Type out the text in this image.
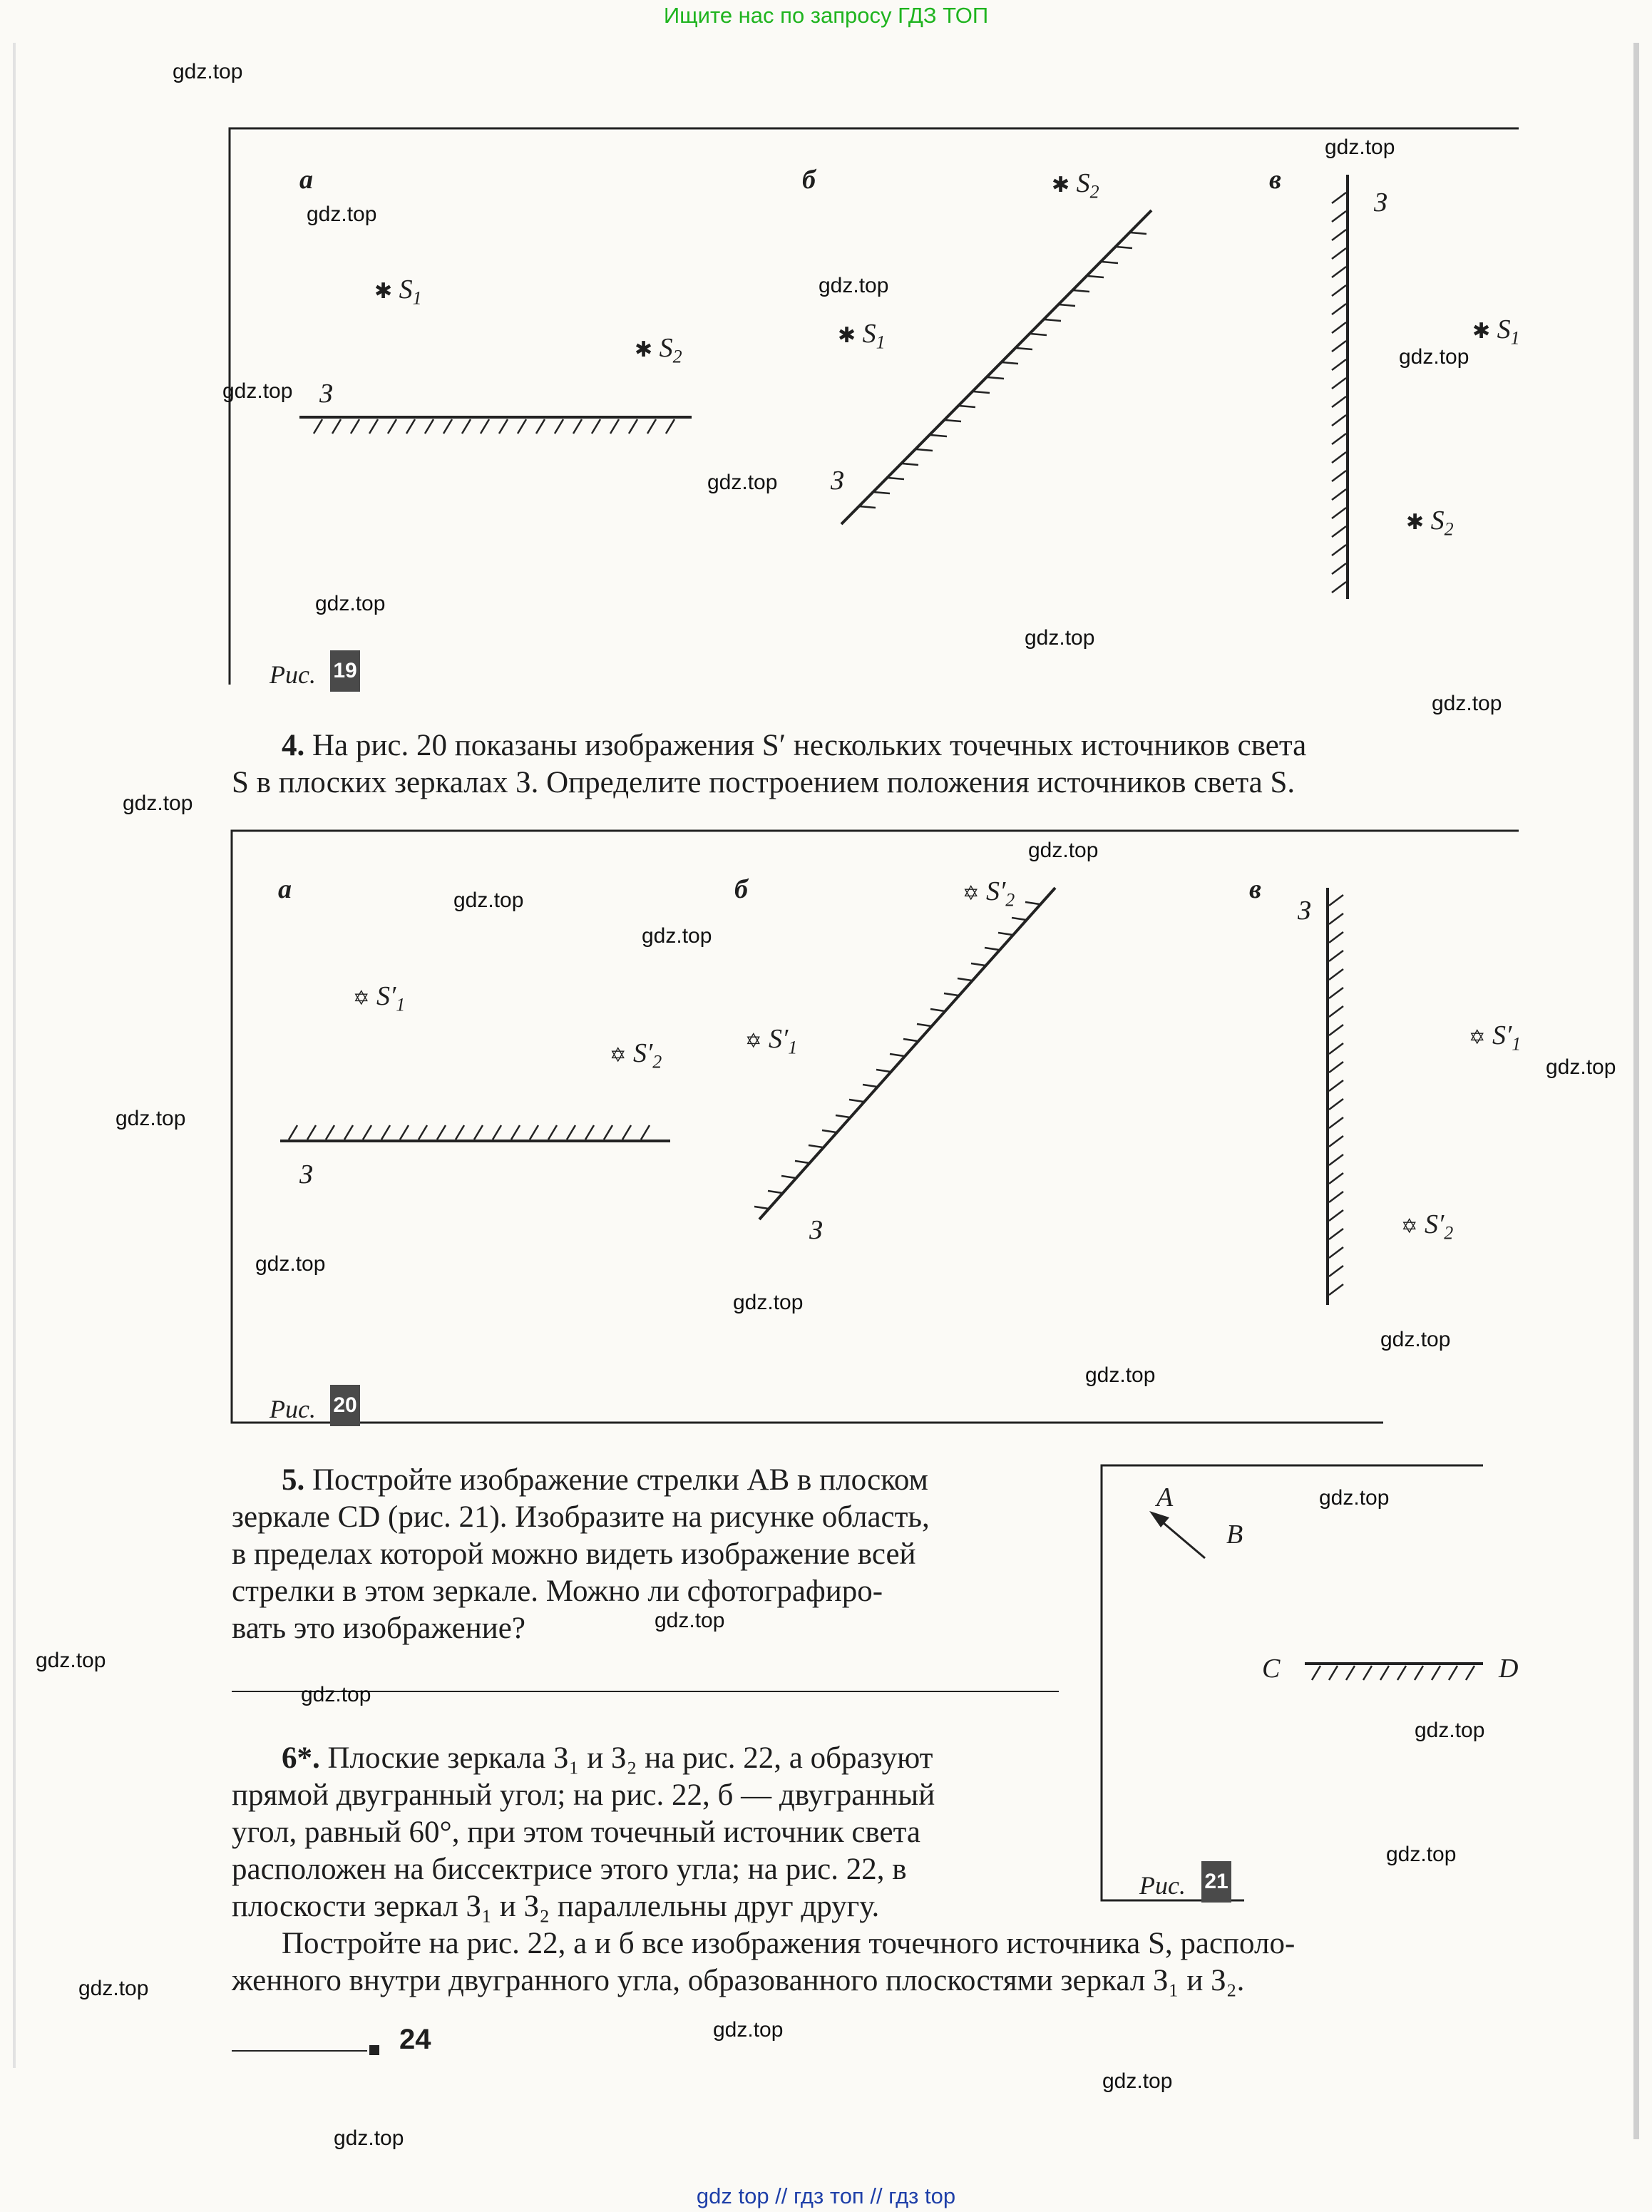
Ищите нас по запросу ГДЗ ТОП
gdz top // гдз топ // гдз top
а	б	в
✱ $S_1$
✱ $S_2$
З
✱ $S_2$
✱ $S_1$
З
З
✱ $S_1$
✱ $S_2$
Рис. 19
4. На рис. 20 показаны изображения S′ нескольких точечных источников света
S в плоских зеркалах З. Определите построением положения источников света S.
а	б	в
✡ $S'_1$
✡ $S'_2$
З
✡ $S'_2$
✡ $S'_1$
З
З
✡ $S'_1$
✡ $S'_2$
Рис. 20
5. Постройте изображение стрелки AB в плоском
зеркале CD (рис. 21). Изобразите на рисунке область,
в пределах которой можно видеть изображение всей
стрелки в этом зеркале. Можно ли сфотографиро-
вать это изображение?
A
B
C	D
Рис. 21
6*. Плоские зеркала З₁ и З₂ на рис. 22, а образуют
прямой двугранный угол; на рис. 22, б — двугранный
угол, равный 60°, при этом точечный источник света
расположен на биссектрисе этого угла; на рис. 22, в
плоскости зеркал З₁ и З₂ параллельны друг другу.
Постройте на рис. 22, а и б все изображения точечного источника S, располо-
женного внутри двугранного угла, образованного плоскостями зеркал З₁ и З₂.
24
gdz.top
gdz.top
gdz.top
gdz.top
gdz.top
gdz.top
gdz.top
gdz.top
gdz.top
gdz.top
gdz.top
gdz.top
gdz.top
gdz.top
gdz.top
gdz.top
gdz.top
gdz.top
gdz.top
gdz.top
gdz.top
gdz.top
gdz.top
gdz.top
gdz.top
gdz.top
gdz.top
gdz.top
gdz.top
gdz.top
